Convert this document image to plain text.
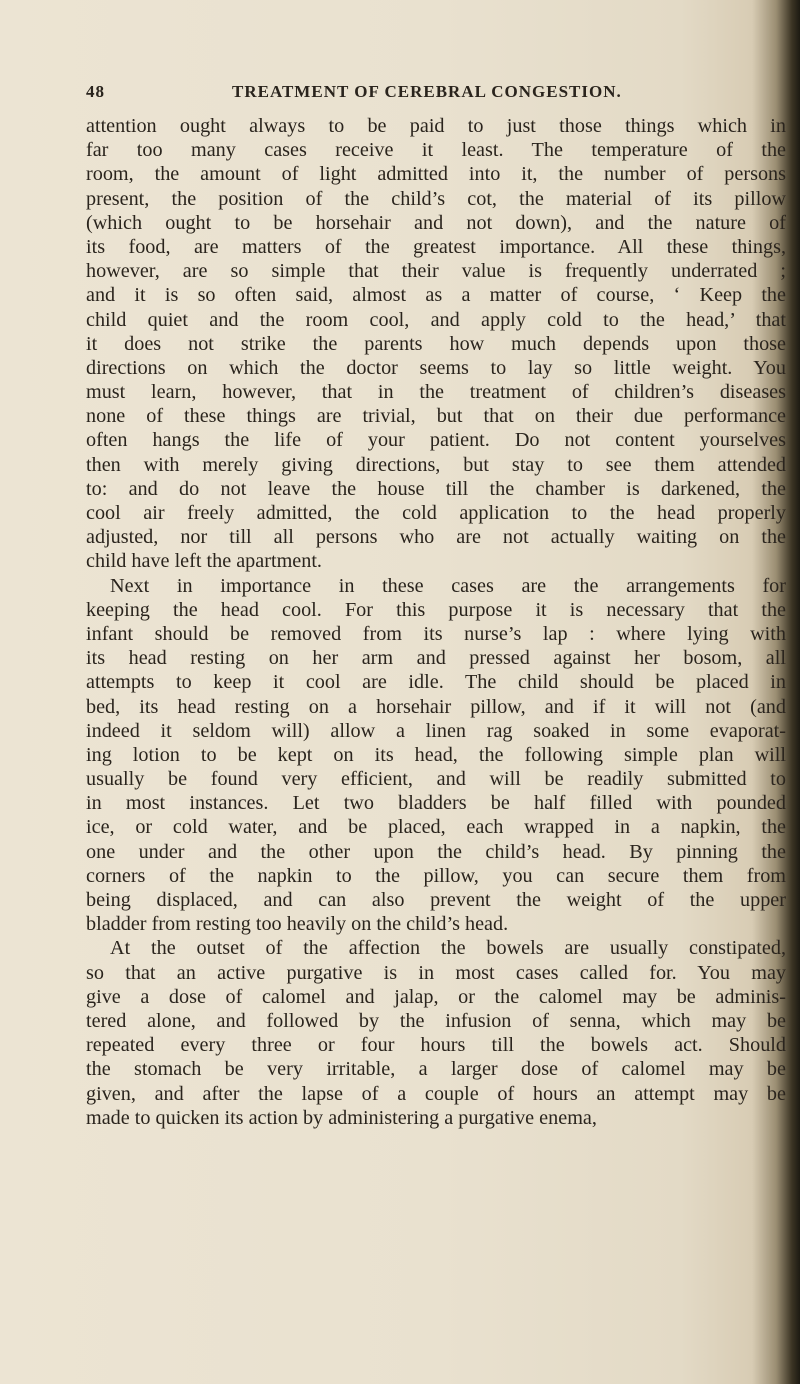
48	TREATMENT OF CEREBRAL CONGESTION.
attention ought always to be paid to just those things which in
far too many cases receive it least. The temperature of the
room, the amount of light admitted into it, the number of persons
present, the position of the child’s cot, the material of its pillow
(which ought to be horsehair and not down), and the nature of
its food, are matters of the greatest importance. All these things,
however, are so simple that their value is frequently underrated ;
and it is so often said, almost as a matter of course, ‘ Keep the
child quiet and the room cool, and apply cold to the head,’ that
it does not strike the parents how much depends upon those
directions on which the doctor seems to lay so little weight. You
must learn, however, that in the treatment of children’s diseases
none of these things are trivial, but that on their due performance
often hangs the life of your patient. Do not content yourselves
then with merely giving directions, but stay to see them attended
to: and do not leave the house till the chamber is darkened, the
cool air freely admitted, the cold application to the head properly
adjusted, nor till all persons who are not actually waiting on the
child have left the apartment.
Next in importance in these cases are the arrangements for
keeping the head cool. For this purpose it is necessary that the
infant should be removed from its nurse’s lap : where lying with
its head resting on her arm and pressed against her bosom, all
attempts to keep it cool are idle. The child should be placed in
bed, its head resting on a horsehair pillow, and if it will not (and
indeed it seldom will) allow a linen rag soaked in some evaporat-
ing lotion to be kept on its head, the following simple plan will
usually be found very efficient, and will be readily submitted to
in most instances. Let two bladders be half filled with pounded
ice, or cold water, and be placed, each wrapped in a napkin, the
one under and the other upon the child’s head. By pinning the
corners of the napkin to the pillow, you can secure them from
being displaced, and can also prevent the weight of the upper
bladder from resting too heavily on the child’s head.
At the outset of the affection the bowels are usually constipated,
so that an active purgative is in most cases called for. You may
give a dose of calomel and jalap, or the calomel may be adminis-
tered alone, and followed by the infusion of senna, which may be
repeated every three or four hours till the bowels act. Should
the stomach be very irritable, a larger dose of calomel may be
given, and after the lapse of a couple of hours an attempt may be
made to quicken its action by administering a purgative enema,
